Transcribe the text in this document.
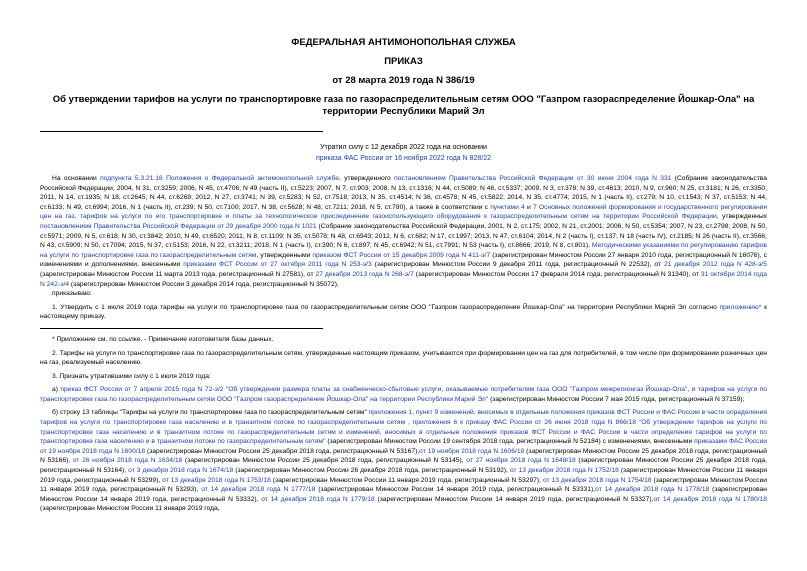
ФЕДЕРАЛЬНАЯ АНТИМОНОПОЛЬНАЯ СЛУЖБА
ПРИКАЗ
от 28 марта 2019 года N 386/19
Об утверждении тарифов на услуги по транспортировке газа по газораспределительным сетям ООО "Газпром газораспределение Йошкар-Ола" на территории Республики Марий Эл
Утратил силу с 12 декабря 2022 года на основании
приказа ФАС России от 16 ноября 2022 года N 828/22

На основании подпункта 5.3.21.16 Положения о Федеральной антимонопольной службе, утвержденного постановлением Правительства Российской Федерации от 30 июня 2004 года N 331 (Собрание законодательства Российской Федерации, 2004, N 31, ст.3259; 2006, N 45, ст.4706; N 49 (часть II), ст.5223; 2007, N 7, ст.903; 2008, N 13, ст.1316; N 44, ст.5089; N 46, ст.5337; 2009, N 3, ст.378; N 39, ст.4613; 2010, N 9, ст.960; N 25, ст.3181; N 26, ст.3350; 2011, N 14, ст.1935; N 18, ст.2645; N 44, ст.6269; 2012, N 27, ст.3741; N 39, ст.5283; N 52, ст.7518; 2013, N 35, ст.4514; N 36, ст.4578; N 45, ст.5822; 2014, N 35, ст.4774; 2015, N 1 (часть II), ст.279; N 10, ст.1543; N 37, ст.5153; N 44, ст.6133; N 49, ст.6994; 2016, N 1 (часть II), ст.239; N 50, ст.7100; 2017, N 38, ст.5628; N 48, ст.7211; 2018, N 5, ст.780), а также в соответствии с пунктами 4 и 7 Основных положений формирования и государственного регулирования цен на газ, тарифов на услуги по его транспортировке и платы за технологическое присоединение газоиспользующего оборудования к газораспределительным сетям на территории Российской Федерации, утвержденных постановлением Правительства Российской Федерации от 29 декабря 2000 года N 1021 (Собрание законодательства Российской Федерации, 2001, N 2, ст.175; 2002, N 21, ст.2001; 2006, N 50, ст.5354; 2007, N 23, ст.2798; 2008, N 50, ст.5971; 2009, N 5, ст.618; N 30, ст.3842; 2010, N 49, ст.6520; 2011, N 8, ст.1109; N 35, ст.5078; N 48, ст.6943; 2012, N 6, ст.682; N 17, ст.1997; 2013, N 47, ст.6104; 2014, N 2 (часть I), ст.137; N 18 (часть IV), ст.2185; N 26 (часть II), ст.3566; N 43, ст.5909; N 50, ст.7094; 2015, N 37, ст.5153; 2016, N 22, ст.3211; 2018, N 1 (часть I), ст.390; N 6, ст.897; N 45, ст.6942; N 51, ст.7991; N 53 (часть I), ст.8666; 2019, N 8, ст.801), Методическими указаниями по регулированию тарифов на услуги по транспортировке газа по газораспределительным сетям, утвержденными приказом ФСТ России от 15 декабря 2009 года N 411-э/7 (зарегистрирован Минюстом России 27 января 2010 года, регистрационный N 16076), с изменениями и дополнениями, внесенными приказами ФСТ России от 27 октября 2011 года N 253-э/3 (зарегистрирован Минюстом России 9 декабря 2011 года, регистрационный N 22532), от 21 декабря 2012 года N 428-э/5 (зарегистрирован Минюстом России 11 марта 2013 года, регистрационный N 27581), от 27 декабря 2013 года N 268-э/7 (зарегистрирован Минюстом России 17 февраля 2014 года, регистрационный N 31340), от 31 октября 2014 года N 242-э/4 (зарегистрирован Минюстом России 3 декабря 2014 года, регистрационный N 35072),

приказываю:

1. Утвердить с 1 июля 2019 года тарифы на услуги по транспортировке газа по газораспределительным сетям ООО "Газпром газораспределение Йошкар-Ола" на территории Республики Марий Эл согласно приложению* к настоящему приказу.

* Приложение см. по ссылке. - Примечание изготовителя базы данных.

2. Тарифы на услуги по транспортировке газа по газораспределительным сетям, утвержденные настоящим приказом, учитываются при формировании цен на газ для потребителей, в том числе при формировании розничных цен на газ, реализуемый населению.

3. Признать утратившими силу с 1 июля 2019 года:

а) приказ ФСТ России от 7 апреля 2015 года N 72-э/2 "Об утверждении размера платы за снабженческо-сбытовые услуги, оказываемые потребителям газа ООО "Газпром межрегионгаз Йошкар-Ола", и тарифов на услуги по транспортировке газа по газораспределительным сетям ООО "Газпром газораспределение Йошкар-Ола" на территории Республики Марий Эл" (зарегистрирован Минюстом России 7 мая 2015 года, регистрационный N 37159);

б) строку 13 таблицы "Тарифы на услуги по транспортировке газа по газораспределительным сетям" приложения 1, пункт 9 изменений, вносимых в отдельные положения приказов ФСТ России и ФАС России в части определения тарифов на услуги по транспортировке газа населению и в транзитном потоке по газораспределительным сетям , приложения 6 к приказу ФАС России от 26 июня 2018 года N 866/18 "Об утверждении тарифов на услуги по транспортировке газа населению и в транзитном потоке по газораспределительным сетям и изменений, вносимых в отдельные положения приказов ФСТ России и ФАС России в части определения тарифов на услуги по транспортировке газа населению и в транзитном потоке по газораспределительным сетям" (зарегистрирован Минюстом России 19 сентября 2018 года, регистрационный N 52184) с изменениями, внесенными приказами ФАС России от 19 ноября 2018 года N 1600/18 (зарегистрирован Минюстом России 25 декабря 2018 года, регистрационный N 53167),от 19 ноября 2018 года N 1606/18 (зарегистрирован Минюстом России 25 декабря 2018 года, регистрационный N 53166), от 26 ноября 2018 года N 1634/18 (зарегистрирован Минюстом России 25 декабря 2018 года, регистрационный N 53145), от 27 ноября 2018 года N 1648/18 (зарегистрирован Минюстом России 25 декабря 2018 года, регистрационный N 53164), от 3 декабря 2018 года N 1674/18 (зарегистрирован Минюстом России 26 декабря 2018 года, регистрационный N 53192), от 13 декабря 2018 года N 1752/18 (зарегистрирован Минюстом России 11 января 2019 года, регистрационный N 53299), от 13 декабря 2018 года N 1753/18 (зарегистрирован Минюстом России 11 января 2019 года, регистрационный N 53297), от 13 декабря 2018 года N 1754/18 (зарегистрирован Минюстом России 11 января 2019 года, регистрационный N 53293), от 14 декабря 2018 года N 1777/18 (зарегистрирован Минюстом России 14 января 2019 года, регистрационный N 53331),от 14 декабря 2018 года N 1778/18 (зарегистрирован Минюстом России 14 января 2019 года, регистрационный N 53332), от 14 декабря 2018 года N 1779/18 (зарегистрирован Минюстом России 14 января 2019 года, регистрационный N 53327),от 14 декабря 2018 года N 1780/18 (зарегистрирован Минюстом России 11 января 2019 года,
